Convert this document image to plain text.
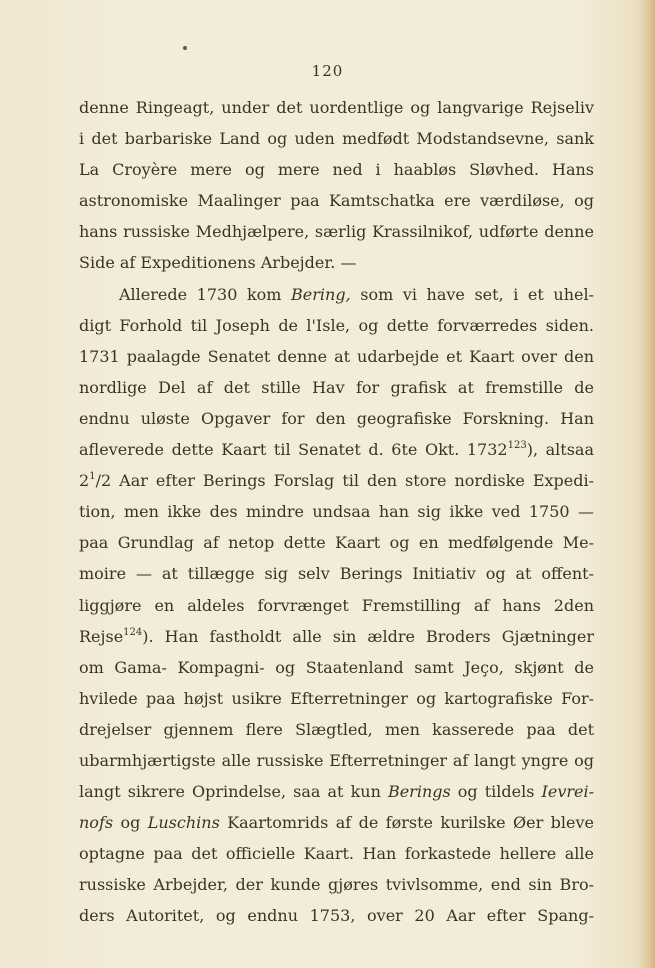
120
denne Ringeagt, under det uordentlige og langvarige Rejseliv
i det barbariske Land og uden medfødt Modstandsevne, sank
La Croyère mere og mere ned i haabløs Sløvhed. Hans
astronomiske Maalinger paa Kamtschatka ere værdiløse, og
hans russiske Medhjælpere, særlig Krassilnikof, udførte denne
Side af Expeditionens Arbejder. —
Allerede 1730 kom Bering, som vi have set, i et uhel-
digt Forhold til Joseph de l'Isle, og dette forværredes siden.
1731 paalagde Senatet denne at udarbejde et Kaart over den
nordlige Del af det stille Hav for grafisk at fremstille de
endnu uløste Opgaver for den geografiske Forskning. Han
afleverede dette Kaart til Senatet d. 6te Okt. 1732$^{123}$), altsaa
$2^1/2$ Aar efter Berings Forslag til den store nordiske Expedi-
tion, men ikke des mindre undsaa han sig ikke ved 1750 —
paa Grundlag af netop dette Kaart og en medfølgende Me-
moire — at tillægge sig selv Berings Initiativ og at offent-
liggjøre en aldeles forvrænget Fremstilling af hans 2den
Rejse$^{124}$). Han fastholdt alle sin ældre Broders Gjætninger
om Gama- Kompagni- og Staatenland samt Jeço, skjønt de
hvilede paa højst usikre Efterretninger og kartografiske For-
drejelser gjennem flere Slægtled, men kasserede paa det
ubarmhjærtigste alle russiske Efterretninger af langt yngre og
langt sikrere Oprindelse, saa at kun Berings og tildels Ievrei-
nofs og Luschins Kaartomrids af de første kurilske Øer bleve
optagne paa det officielle Kaart. Han forkastede hellere alle
russiske Arbejder, der kunde gjøres tvivlsomme, end sin Bro-
ders Autoritet, og endnu 1753, over 20 Aar efter Spang-
